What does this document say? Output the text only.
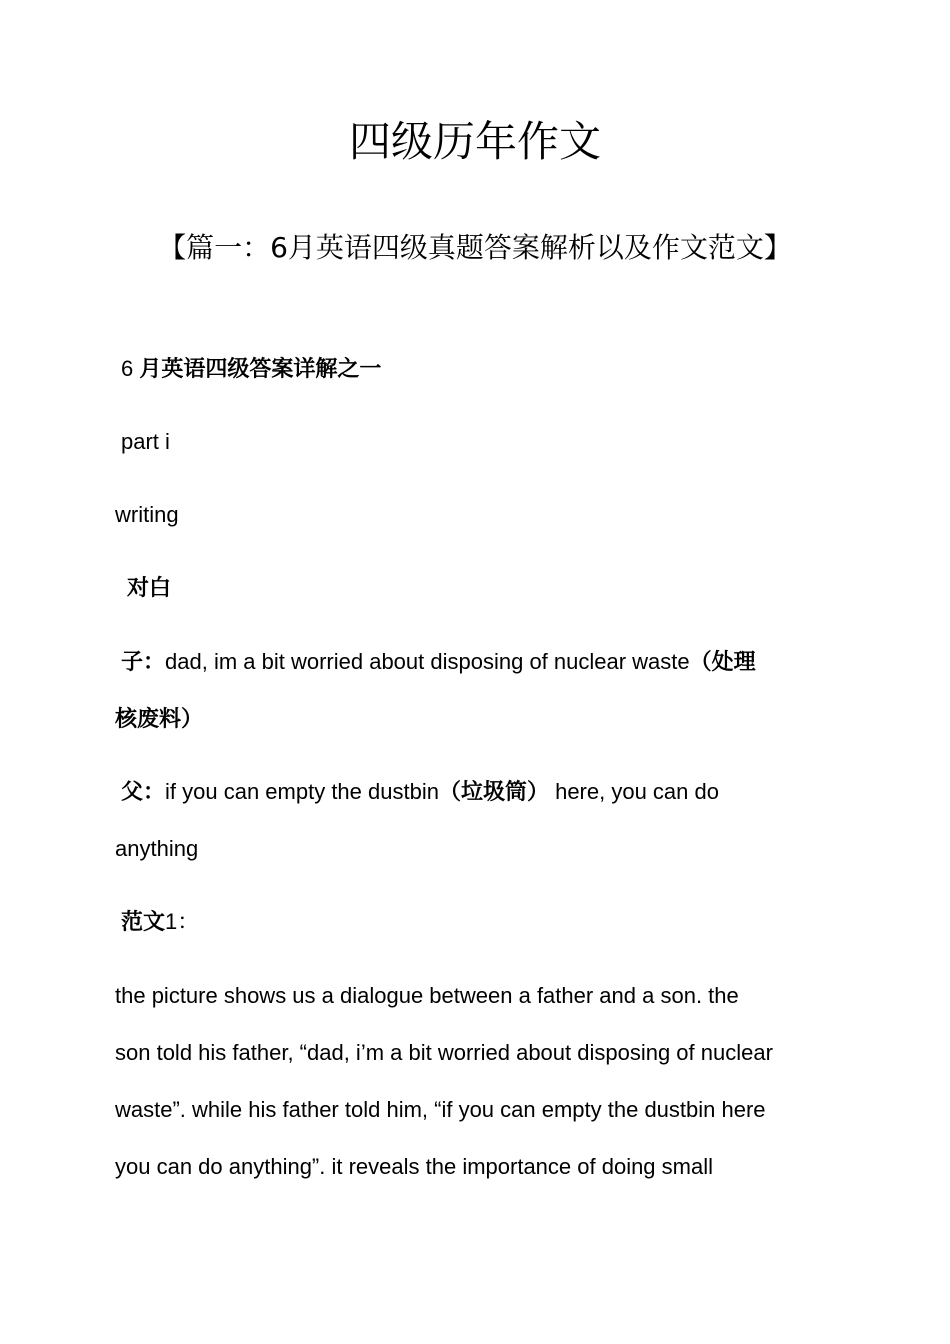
四级历年作文
【篇一：6月英语四级真题答案解析以及作文范文】
6 月英语四级答案详解之一
part i
writing
对白
子：dad, im a bit worried about disposing of nuclear waste（处理
核废料）
父：if you can empty the dustbin（垃圾筒） here, you can do
anything
范文1：
the picture shows us a dialogue between a father and a son. the
son told his father, “dad, i’m a bit worried about disposing of nuclear
waste”. while his father told him, “if you can empty the dustbin here
you can do anything”. it reveals the importance of doing small
